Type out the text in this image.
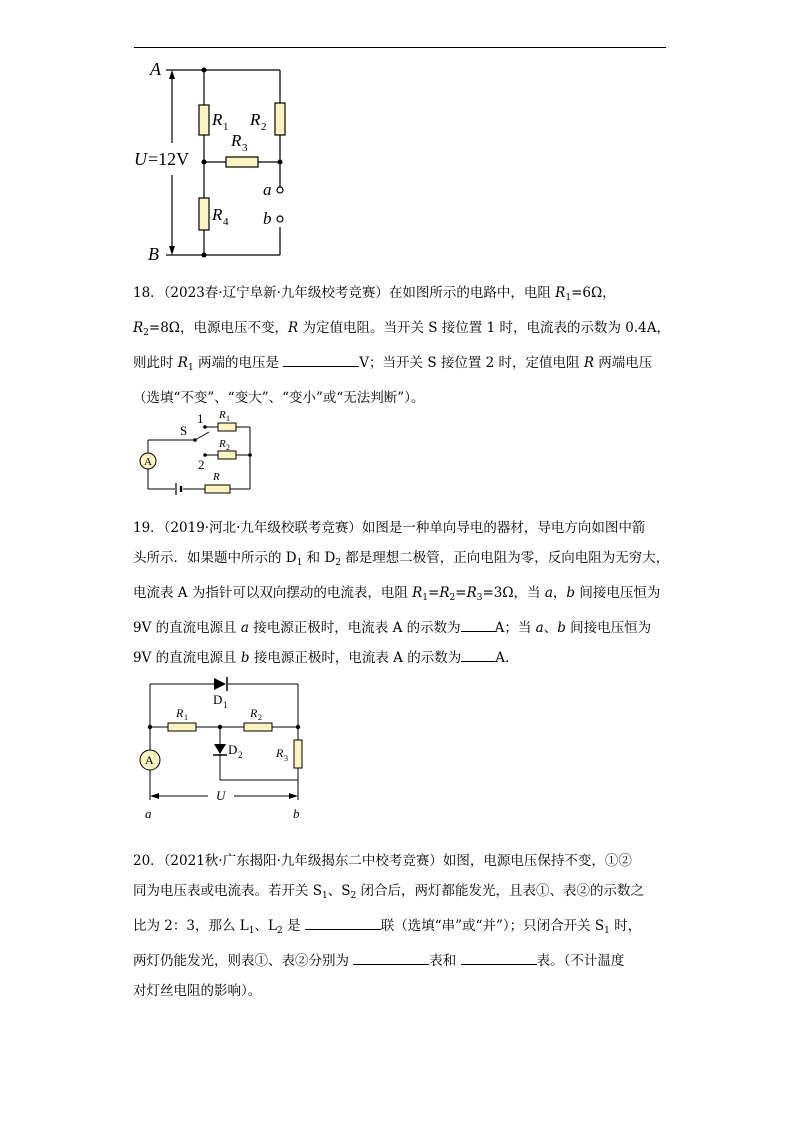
A
B
U =12V
R 1 R 2
R 3
R 4
a
b

18．（2023春·辽宁阜新·九年级校考竞赛）在如图所示的电路中，电阻 $R_1=6\Omega$，

$R_2=8\Omega$，电源电压不变，R 为定值电阻。当开关 S 接位置 1 时，电流表的示数为 0.4A，

则此时 $R_1$ 两端的电压是	V；当开关 S 接位置 2 时，定值电阻 R 两端电压

（选填“不变”、“变大”、“变小”或“无法判断”）。

A
S
1
2
R 1
R 2
R

19．（2019·河北·九年级校联考竞赛）如图是一种单向导电的器材，导电方向如图中箭

头所示．如果题中所示的 $D_1$ 和 $D_2$ 都是理想二极管，正向电阻为零，反向电阻为无穷大，

电流表 A 为指针可以双向摆动的电流表，电阻 $R_1=R_2=R_3=3\Omega$，当 a，b 间接电压恒为

9V 的直流电源且 a 接电源正极时，电流表 A 的示数为	A；当 a、b 间接电压恒为

9V 的直流电源且 b 接电源正极时，电流表 A 的示数为	A.

A
D 1
D 2
R 1	R 2
R 3
U
a	b

20．（2021秋·广东揭阳·九年级揭东二中校考竞赛）如图，电源电压保持不变，①②

同为电压表或电流表。若开关 $S_1$、$S_2$ 闭合后，两灯都能发光，且表①、表②的示数之

比为 2：3，那么 $L_1$、$L_2$ 是	联（选填“串”或“并”）；只闭合开关 $S_1$ 时，

两灯仍能发光，则表①、表②分别为	表和	表。（不计温度

对灯丝电阻的影响）。
